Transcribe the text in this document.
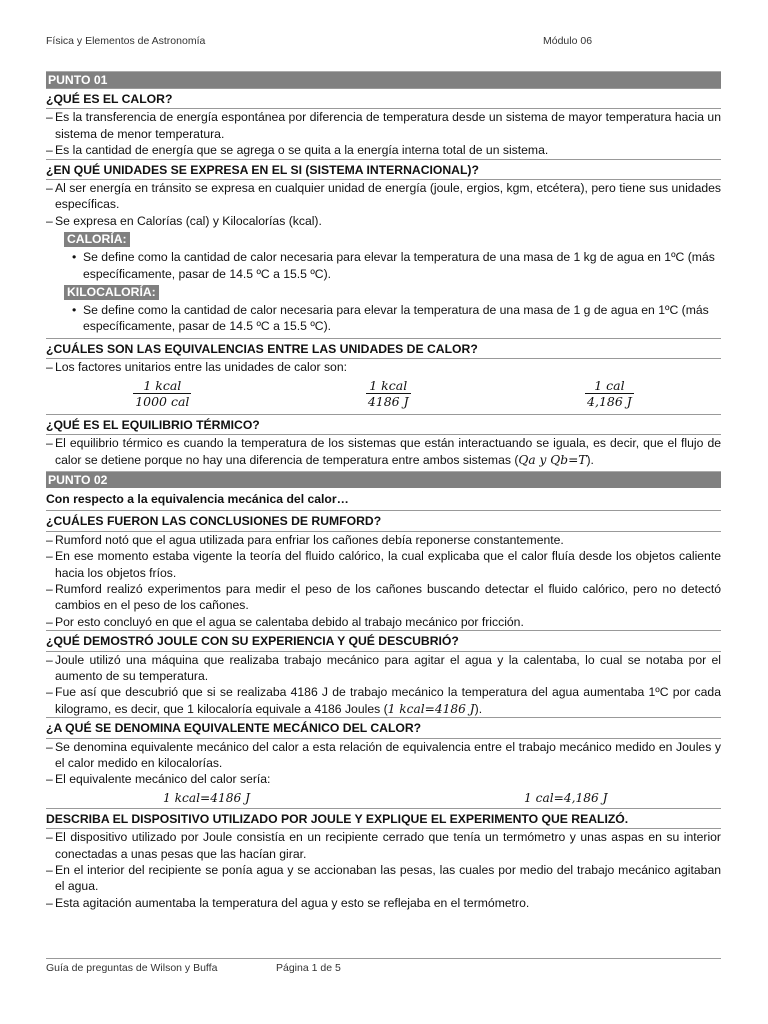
Física y Elementos de Astronomía	Módulo 06
PUNTO 01
¿QUÉ ES EL CALOR?
– Es la transferencia de energía espontánea por diferencia de temperatura desde un sistema de mayor temperatura hacia un sistema de menor temperatura.
– Es la cantidad de energía que se agrega o se quita a la energía interna total de un sistema.
¿EN QUÉ UNIDADES SE EXPRESA EN EL SI (SISTEMA INTERNACIONAL)?
– Al ser energía en tránsito se expresa en cualquier unidad de energía (joule, ergios, kgm, etcétera), pero tiene sus unidades específicas.
– Se expresa en Calorías (cal) y Kilocalorías (kcal).
CALORÍA:
• Se define como la cantidad de calor necesaria para elevar la temperatura de una masa de 1 kg de agua en 1ºC (más específicamente, pasar de 14.5 ºC a 15.5 ºC).
KILOCALORÍA:
• Se define como la cantidad de calor necesaria para elevar la temperatura de una masa de 1 g de agua en 1ºC (más específicamente, pasar de 14.5 ºC a 15.5 ºC).
¿CUÁLES SON LAS EQUIVALENCIAS ENTRE LAS UNIDADES DE CALOR?
– Los factores unitarios entre las unidades de calor son:
$\frac{\text{1 kcal}}{\text{1000 cal}}$	$\frac{\text{1 kcal}}{4186 J}$	$\frac{\text{1 cal}}{4,186 J}$
¿QUÉ ES EL EQUILIBRIO TÉRMICO?
– El equilibrio térmico es cuando la temperatura de los sistemas que están interactuando se iguala, es decir, que el flujo de calor se detiene porque no hay una diferencia de temperatura entre ambos sistemas (Qa y Qb=T).
PUNTO 02
Con respecto a la equivalencia mecánica del calor…
¿CUÁLES FUERON LAS CONCLUSIONES DE RUMFORD?
– Rumford notó que el agua utilizada para enfriar los cañones debía reponerse constantemente.
– En ese momento estaba vigente la teoría del fluido calórico, la cual explicaba que el calor fluía desde los objetos caliente hacia los objetos fríos.
– Rumford realizó experimentos para medir el peso de los cañones buscando detectar el fluido calórico, pero no detectó cambios en el peso de los cañones.
– Por esto concluyó en que el agua se calentaba debido al trabajo mecánico por fricción.
¿QUÉ DEMOSTRÓ JOULE CON SU EXPERIENCIA Y QUÉ DESCUBRIÓ?
– Joule utilizó una máquina que realizaba trabajo mecánico para agitar el agua y la calentaba, lo cual se notaba por el aumento de su temperatura.
– Fue así que descubrió que si se realizaba 4186 J de trabajo mecánico la temperatura del agua aumentaba 1ºC por cada kilogramo, es decir, que 1 kilocaloría equivale a 4186 Joules (1 kcal=4186 J).
¿A QUÉ SE DENOMINA EQUIVALENTE MECÁNICO DEL CALOR?
– Se denomina equivalente mecánico del calor a esta relación de equivalencia entre el trabajo mecánico medido en Joules y el calor medido en kilocalorías.
– El equivalente mecánico del calor sería:
1 kcal=4186 J	1 cal=4,186 J
DESCRIBA EL DISPOSITIVO UTILIZADO POR JOULE Y EXPLIQUE EL EXPERIMENTO QUE REALIZÓ.
– El dispositivo utilizado por Joule consistía en un recipiente cerrado que tenía un termómetro y unas aspas en su interior conectadas a unas pesas que las hacían girar.
– En el interior del recipiente se ponía agua y se accionaban las pesas, las cuales por medio del trabajo mecánico agitaban el agua.
– Esta agitación aumentaba la temperatura del agua y esto se reflejaba en el termómetro.
Guía de preguntas de Wilson y Buffa	Página 1 de 5
